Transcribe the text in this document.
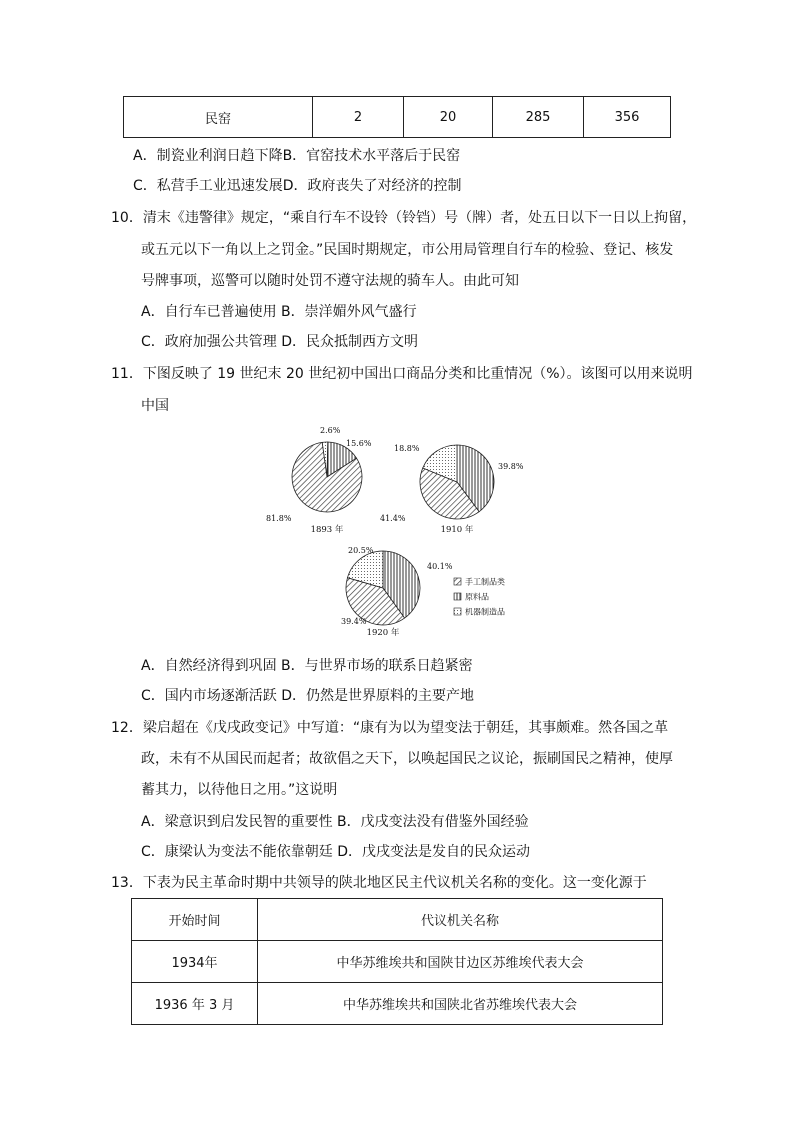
民窑	2	20	285	356
A．制瓷业利润日趋下降B．官窑技术水平落后于民窑
C．私营手工业迅速发展D．政府丧失了对经济的控制
10．清末《违警律》规定，“乘自行车不设铃（铃铛）号（牌）者，处五日以下一日以上拘留，
或五元以下一角以上之罚金。”民国时期规定，市公用局管理自行车的检验、登记、核发
号牌事项，巡警可以随时处罚不遵守法规的骑车人。由此可知
A．自行车已普遍使用 B．崇洋媚外风气盛行
C．政府加强公共管理 D．民众抵制西方文明
11．下图反映了 19 世纪末 20 世纪初中国出口商品分类和比重情况（%）。该图可以用来说明
中国
81.8%
15.6%
2.6%
1893 年
41.4%
39.8%
18.8%
1910 年
39.4%
40.1%
20.5%
1920 年
手工制品类
原料品
机器制造品
A．自然经济得到巩固 B．与世界市场的联系日趋紧密
C．国内市场逐渐活跃 D．仍然是世界原料的主要产地
12．梁启超在《戊戌政变记》中写道：“康有为以为望变法于朝廷，其事颇难。然各国之革
政，未有不从国民而起者；故欲倡之天下，以唤起国民之议论，振刷国民之精神，使厚
蓄其力，以待他日之用。”这说明
A．梁意识到启发民智的重要性 B．戊戌变法没有借鉴外国经验
C．康梁认为变法不能依靠朝廷 D．戊戌变法是发自的民众运动
13．下表为民主革命时期中共领导的陕北地区民主代议机关名称的变化。这一变化源于
开始时间	代议机关名称
1934年	中华苏维埃共和国陕甘边区苏维埃代表大会
1936 年 3 月	中华苏维埃共和国陕北省苏维埃代表大会
